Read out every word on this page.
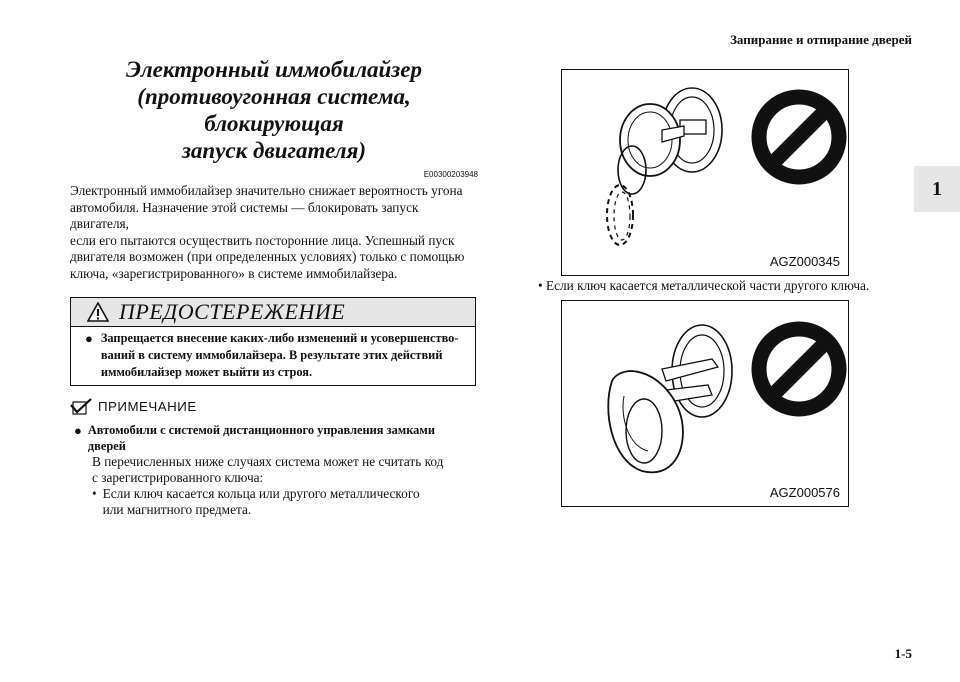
Запирание и отпирание дверей
1
1-5
Электронный иммобилайзер
(противоугонная система, блокирующая
запуск двигателя)
E00300203948
Электронный иммобилайзер значительно снижает вероятность угона
автомобиля. Назначение этой системы — блокировать запуск двигателя,
если его пытаются осуществить посторонние лица. Успешный пуск
двигателя возможен (при определенных условиях) только с помощью
ключа, «зарегистрированного» в системе иммобилайзера.
ПРЕДОСТЕРЕЖЕНИЕ
● Запрещается внесение каких-либо изменений и усовершенство-
ваний в систему иммобилайзера. В результате этих действий
иммобилайзер может выйти из строя.
ПРИМЕЧАНИЕ
● Автомобили с системой дистанционного управления замками
дверей
В перечисленных ниже случаях система может не считать код
с зарегистрированного ключа:
• Если ключ касается кольца или другого металлического
или магнитного предмета.
AGZ000345
• Если ключ касается металлической части другого ключа.
AGZ000576
